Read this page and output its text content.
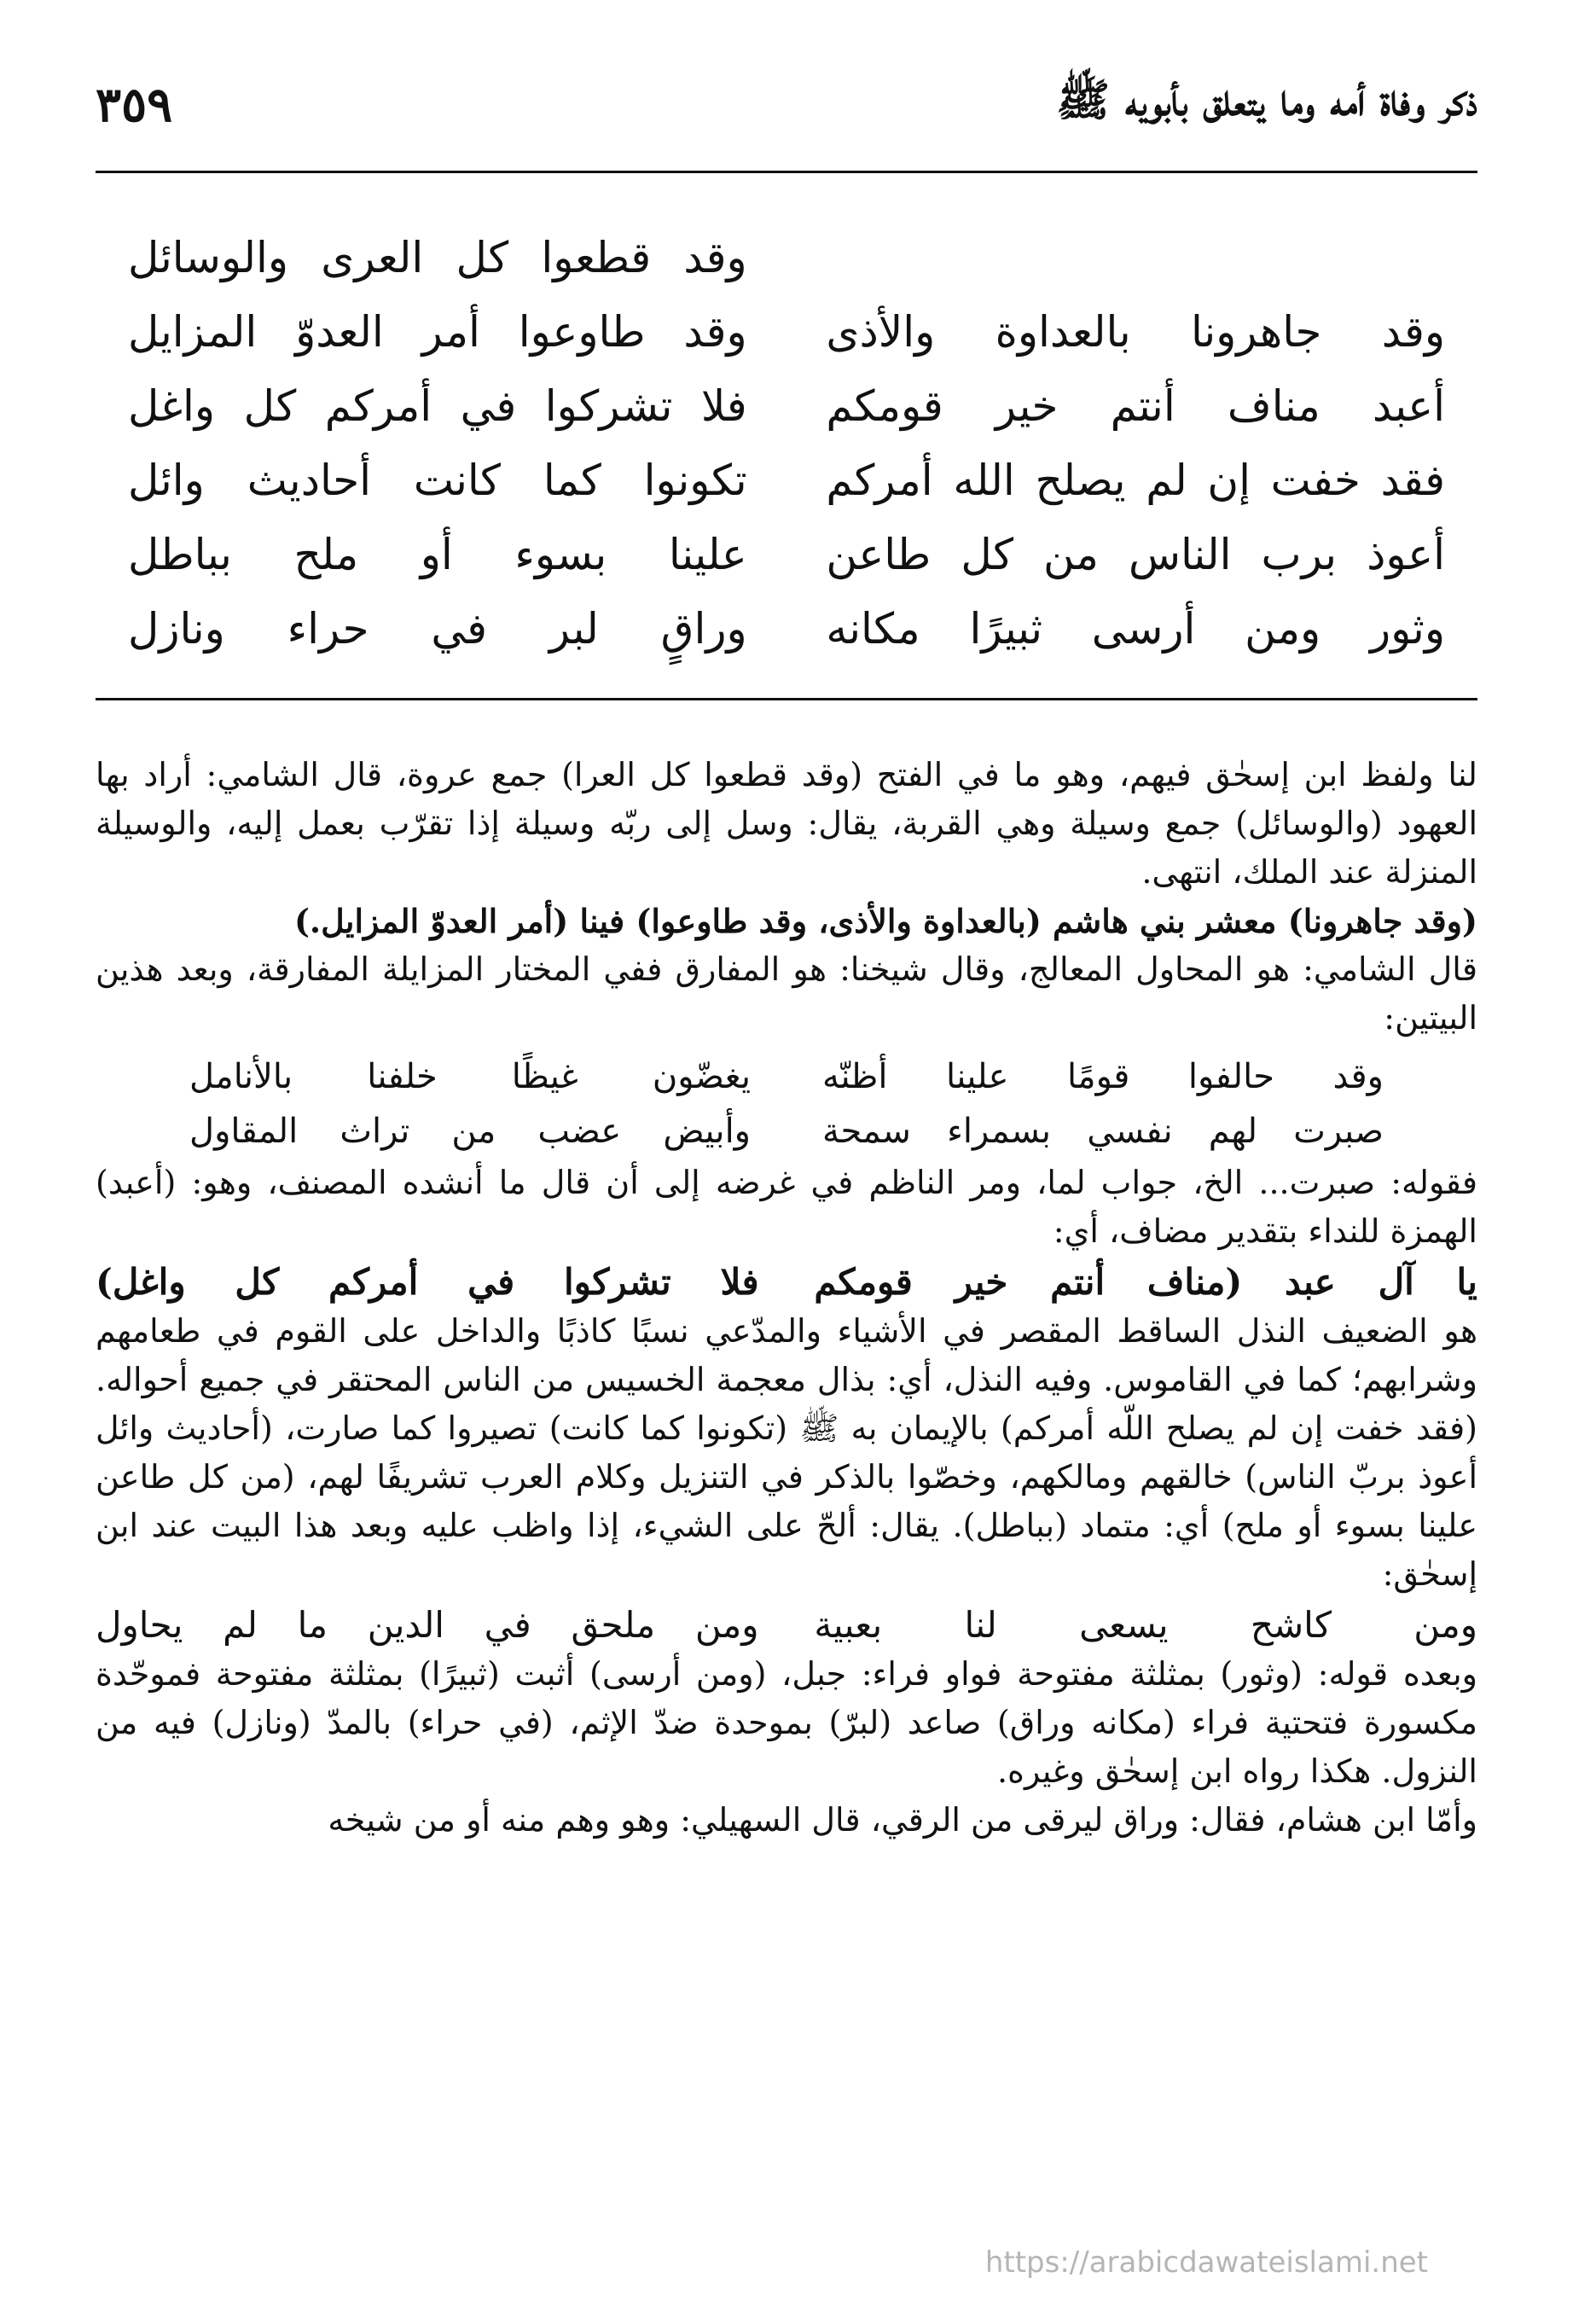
ذكر وفاة أمه وما يتعلق بأبويه ﷺ
٣٥٩
وقد قطعوا كل العرى والوسائل
وقد جاهرونا بالعداوة والأذى
وقد طاوعوا أمر العدوّ المزايل
أعبد مناف أنتم خير قومكم
فلا تشركوا في أمركم كل واغل
فقد خفت إن لم يصلح الله أمركم
تكونوا كما كانت أحاديث وائل
أعوذ برب الناس من كل طاعن
علينا بسوء أو ملح بباطل
وثور ومن أرسى ثبيرًا مكانه
وراقٍ لبر في حراء ونازل
لنا ولفظ ابن إسحٰق فيهم، وهو ما في الفتح (وقد قطعوا كل العرا) جمع عروة، قال الشامي: أراد بها العهود (والوسائل) جمع وسيلة وهي القربة، يقال: وسل إلى ربّه وسيلة إذا تقرّب بعمل إليه، والوسيلة المنزلة عند الملك، انتهى.
(وقد جاهرونا) معشر بني هاشم (بالعداوة والأذى، وقد طاوعوا) فينا (أمر العدوّ المزايل.)
قال الشامي: هو المحاول المعالج، وقال شيخنا: هو المفارق ففي المختار المزايلة المفارقة، وبعد هذين البيتين:
وقد حالفوا قومًا علينا أظنّه
يغضّون غيظًا خلفنا بالأنامل
صبرت لهم نفسي بسمراء سمحة
وأبيض عضب من تراث المقاول
فقوله: صبرت... الخ، جواب لما، ومر الناظم في غرضه إلى أن قال ما أنشده المصنف، وهو: (أعبد) الهمزة للنداء بتقدير مضاف، أي:
يا آل عبد (مناف أنتم خير قومكم
فلا تشركوا في أمركم كل واغل)
هو الضعيف النذل الساقط المقصر في الأشياء والمدّعي نسبًا كاذبًا والداخل على القوم في طعامهم وشرابهم؛ كما في القاموس. وفيه النذل، أي: بذال معجمة الخسيس من الناس المحتقر في جميع أحواله. (فقد خفت إن لم يصلح اللّه أمركم) بالإيمان به ﷺ (تكونوا كما كانت) تصيروا كما صارت، (أحاديث وائل أعوذ بربّ الناس) خالقهم ومالكهم، وخصّوا بالذكر في التنزيل وكلام العرب تشريفًا لهم، (من كل طاعن علينا بسوء أو ملح) أي: متماد (بباطل). يقال: ألحّ على الشيء، إذا واظب عليه وبعد هذا البيت عند ابن إسحٰق:
ومن كاشح يسعى لنا بعبية
ومن ملحق في الدين ما لم يحاول
وبعده قوله: (وثور) بمثلثة مفتوحة فواو فراء: جبل، (ومن أرسى) أثبت (ثبيرًا) بمثلثة مفتوحة فموحّدة مكسورة فتحتية فراء (مكانه وراق) صاعد (لبرّ) بموحدة ضدّ الإثم، (في حراء) بالمدّ (ونازل) فيه من النزول. هكذا رواه ابن إسحٰق وغيره.
وأمّا ابن هشام، فقال: وراق ليرقى من الرقي، قال السهيلي: وهو وهم منه أو من شيخه
https://arabicdawateislami.net
